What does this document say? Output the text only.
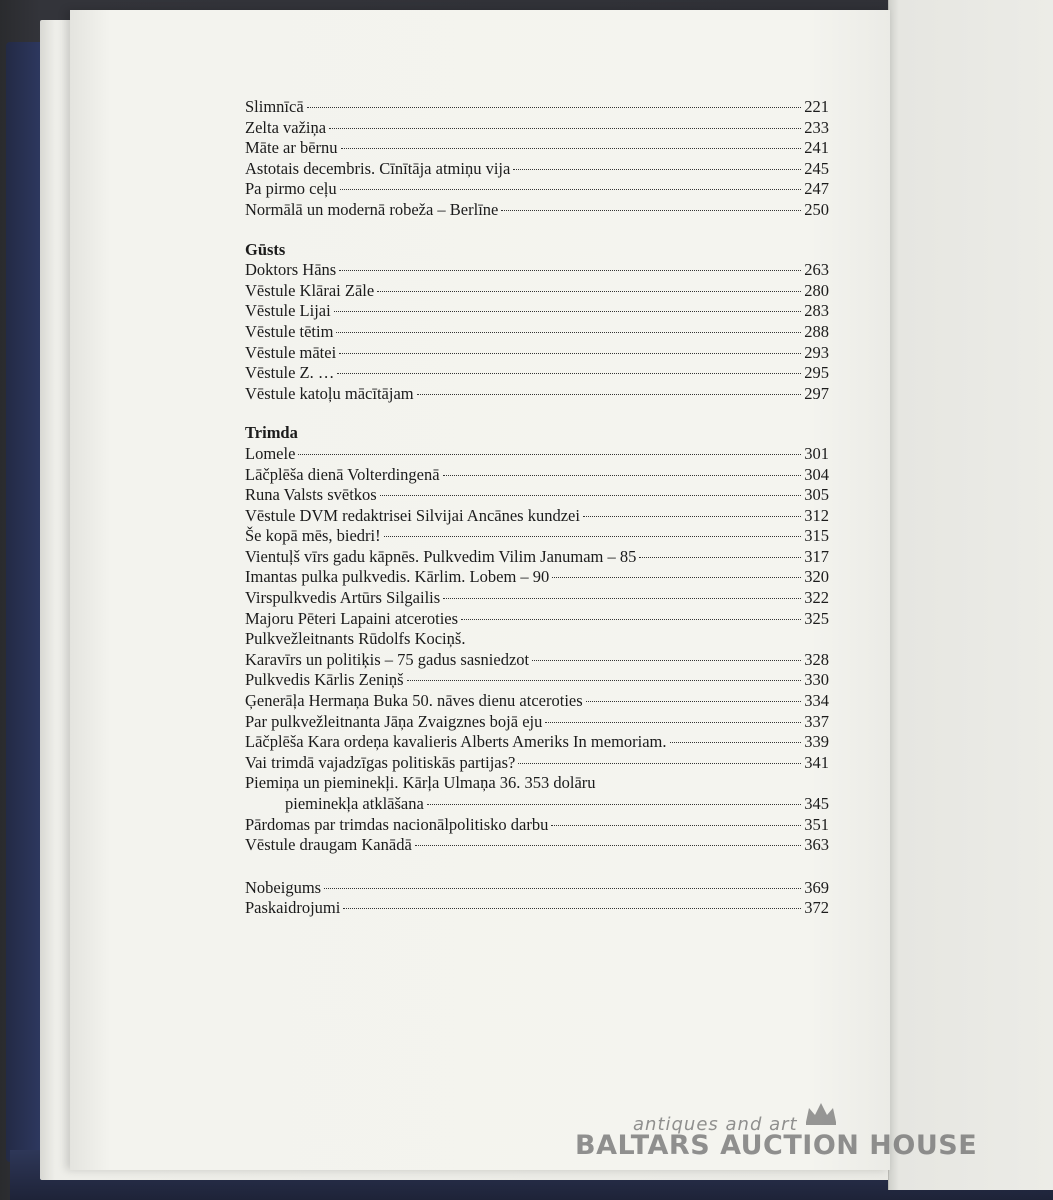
Slimnīcā	221
Zelta važiņa	233
Māte ar bērnu	241
Astotais decembris. Cīnītāja atmiņu vija	245
Pa pirmo ceļu	247
Normālā un modernā robeža – Berlīne	250
Gūsts
Doktors Hāns	263
Vēstule Klārai Zāle	280
Vēstule Lijai	283
Vēstule tētim	288
Vēstule mātei	293
Vēstule Z. …	295
Vēstule katoļu mācītājam	297
Trimda
Lomele	301
Lāčplēša dienā Volterdingenā	304
Runa Valsts svētkos	305
Vēstule DVM redaktrisei Silvijai Ancānes kundzei	312
Še kopā mēs, biedri!	315
Vientuļš vīrs gadu kāpnēs. Pulkvedim Vilim Janumam – 85	317
Imantas pulka pulkvedis. Kārlim. Lobem – 90	320
Virspulkvedis Artūrs Silgailis	322
Majoru Pēteri Lapaini atceroties	325
Pulkvežleitnants Rūdolfs Kociņš.
Karavīrs un politiķis – 75 gadus sasniedzot	328
Pulkvedis Kārlis Zeniņš	330
Ģenerāļa Hermaņa Buka 50. nāves dienu atceroties	334
Par pulkvežleitnanta Jāņa Zvaigznes bojā eju	337
Lāčplēša Kara ordeņa kavalieris Alberts Ameriks In memoriam.	339
Vai trimdā vajadzīgas politiskās partijas?	341
Piemiņa un pieminekļi. Kārļa Ulmaņa 36. 353 dolāru
pieminekļa atklāšana	345
Pārdomas par trimdas nacionālpolitisko darbu	351
Vēstule draugam Kanādā	363
Nobeigums	369
Paskaidrojumi	372
antiques and art
BALTARS AUCTION HOUSE
